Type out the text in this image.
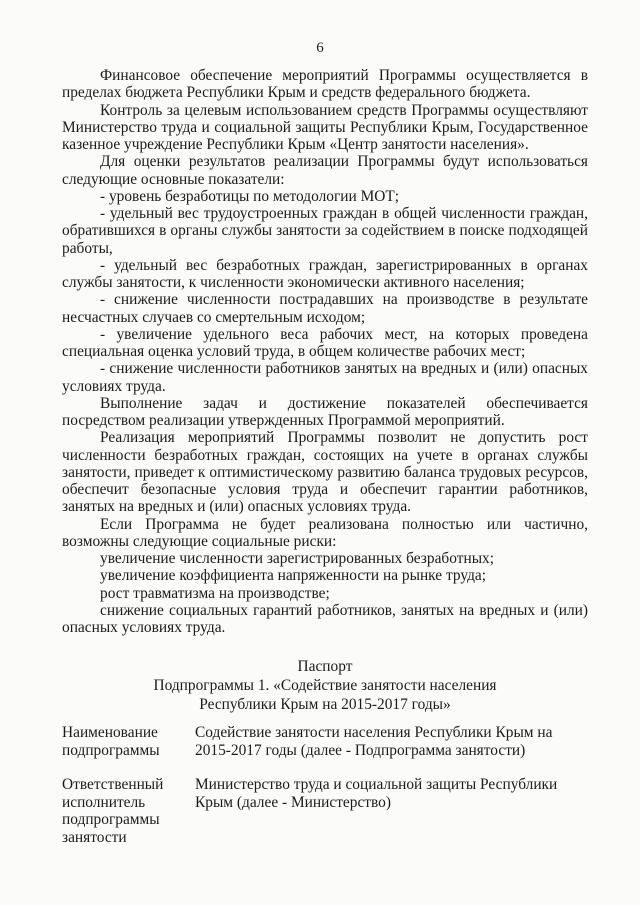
6

Финансовое обеспечение мероприятий Программы осуществляется в пределах бюджета Республики Крым и средств федерального бюджета.

Контроль за целевым использованием средств Программы осуществляют Министерство труда и социальной защиты Республики Крым, Государственное казенное учреждение Республики Крым «Центр занятости населения».

Для оценки результатов реализации Программы будут использоваться следующие основные показатели:

- уровень безработицы по методологии МОТ;

- удельный вес трудоустроенных граждан в общей численности граждан, обратившихся в органы службы занятости за содействием в поиске подходящей работы,

- удельный вес безработных граждан, зарегистрированных в органах службы занятости, к численности экономически активного населения;

- снижение численности пострадавших на производстве в результате несчастных случаев со смертельным исходом;

- увеличение удельного веса рабочих мест, на которых проведена специальная оценка условий труда, в общем количестве рабочих мест;

- снижение численности работников занятых на вредных и (или) опасных условиях труда.

Выполнение задач и достижение показателей обеспечивается посредством реализации утвержденных Программой мероприятий.

Реализация мероприятий Программы позволит не допустить рост численности безработных граждан, состоящих на учете в органах службы занятости, приведет к оптимистическому развитию баланса трудовых ресурсов, обеспечит безопасные условия труда и обеспечит гарантии работников, занятых на вредных и (или) опасных условиях труда.

Если Программа не будет реализована полностью или частично, возможны следующие социальные риски:

увеличение численности зарегистрированных безработных;

увеличение коэффициента напряженности на рынке труда;

рост травматизма на производстве;

снижение социальных гарантий работников, занятых на вредных и (или) опасных условиях труда.

Паспорт
Подпрограммы 1. «Содействие занятости населения
Республики Крым на 2015-2017 годы»
Наименование подпрограммы
Содействие занятости населения Республики Крым на 2015-2017 годы (далее - Подпрограмма занятости)
Ответственный исполнитель подпрограммы занятости
Министерство труда и социальной защиты Республики Крым (далее - Министерство)
